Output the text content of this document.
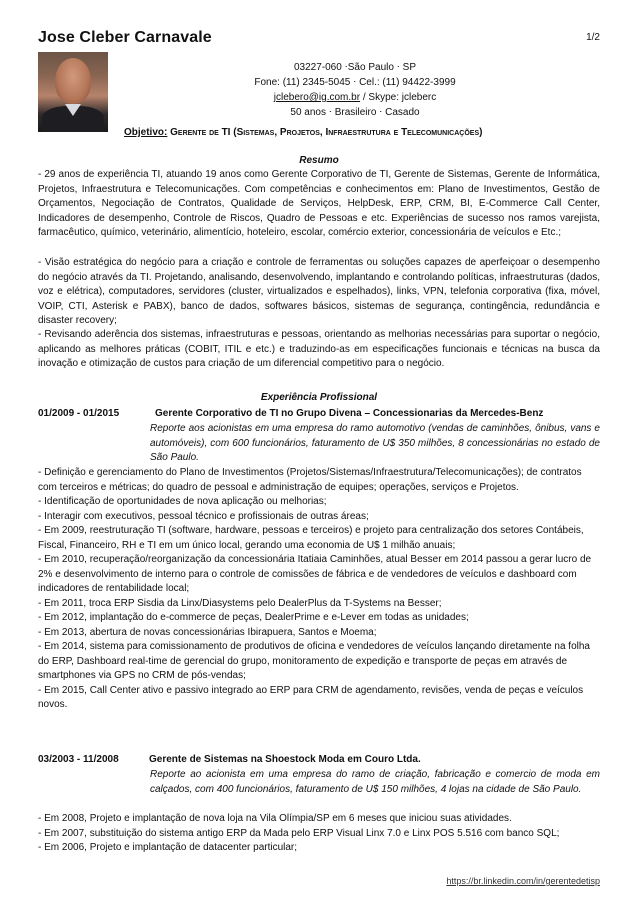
Jose Cleber Carnavale	1/2
03227-060 ⋅São Paulo ⋅ SP
Fone: (11) 2345-5045 ⋅ Cel.: (11) 94422-3999
jclebero@ig.com.br / Skype: jcleberc
50 anos ⋅ Brasileiro ⋅ Casado
Objetivo: Gerente de TI (Sistemas, Projetos, Infraestrutura e Telecomunicações)
Resumo
- 29 anos de experiência TI, atuando 19 anos como Gerente Corporativo de TI, Gerente de Sistemas, Gerente de Informática, Projetos, Infraestrutura e Telecomunicações. Com competências e conhecimentos em: Plano de Investimentos, Gestão de Orçamentos, Negociação de Contratos, Qualidade de Serviços, HelpDesk, ERP, CRM, BI, E-Commerce Call Center, Indicadores de desempenho, Controle de Riscos, Quadro de Pessoas e etc. Experiências de sucesso nos ramos varejista, farmacêutico, químico, veterinário, alimentício, hoteleiro, escolar, comércio exterior, concessionária de veículos e Etc.;
- Visão estratégica do negócio para a criação e controle de ferramentas ou soluções capazes de aperfeiçoar o desempenho do negócio através da TI. Projetando, analisando, desenvolvendo, implantando e controlando políticas, infraestruturas (dados, voz e elétrica), computadores, servidores (cluster, virtualizados e espelhados), links, VPN, telefonia corporativa (fixa, móvel, VOIP, CTI, Asterisk e PABX), banco de dados, softwares básicos, sistemas de segurança, contingência, redundância e disaster recovery;
- Revisando aderência dos sistemas, infraestruturas e pessoas, orientando as melhorias necessárias para suportar o negócio, aplicando as melhores práticas (COBIT, ITIL e etc.) e traduzindo-as em especificações funcionais e técnicas na busca da inovação e otimização de custos para criação de um diferencial competitivo para o negócio.
Experiência Profissional
01/2009 - 01/2015	Gerente Corporativo de TI no Grupo Divena – Concessionarias da Mercedes-Benz
Reporte aos acionistas em uma empresa do ramo automotivo (vendas de caminhões, ônibus, vans e automóveis), com 600 funcionários, faturamento de U$ 350 milhões, 8 concessionárias no estado de São Paulo.
- Definição e gerenciamento do Plano de Investimentos (Projetos/Sistemas/Infraestrutura/Telecomunicações); de contratos com terceiros e métricas; do quadro de pessoal e administração de equipes; operações, serviços e Projetos.
- Identificação de oportunidades de nova aplicação ou melhorias;
- Interagir com executivos, pessoal técnico e profissionais de outras áreas;
- Em 2009, reestruturação TI (software, hardware, pessoas e terceiros) e projeto para centralização dos setores Contábeis, Fiscal, Financeiro, RH e TI em um único local, gerando uma economia de U$ 1 milhão anuais;
- Em 2010, recuperação/reorganização da concessionária Itatiaia Caminhões, atual Besser em 2014 passou a gerar lucro de 2% e desenvolvimento de interno para o controle de comissões de fábrica e de vendedores de veículos e dashboard com indicadores de rentabilidade local;
- Em 2011, troca ERP Sisdia da Linx/Diasystems pelo DealerPlus da T-Systems na Besser;
- Em 2012, implantação do e-commerce de peças, DealerPrime e e-Lever em todas as unidades;
- Em 2013, abertura de novas concessionárias Ibirapuera, Santos e Moema;
- Em 2014, sistema para comissionamento de produtivos de oficina e vendedores de veículos lançando diretamente na folha do ERP, Dashboard real-time de gerencial do grupo, monitoramento de expedição e transporte de peças em através de smartphones via GPS no CRM de pós-vendas;
- Em 2015, Call Center ativo e passivo integrado ao ERP para CRM de agendamento, revisões, venda de peças e veículos novos.
03/2003 - 11/2008	Gerente de Sistemas na Shoestock Moda em Couro Ltda.
Reporte ao acionista em uma empresa do ramo de criação, fabricação e comercio de moda em calçados, com 400 funcionários, faturamento de U$ 150 milhões, 4 lojas na cidade de São Paulo.
- Em 2008, Projeto e implantação de nova loja na Vila Olímpia/SP em 6 meses que iniciou suas atividades.
- Em 2007, substituição do sistema antigo ERP da Mada pelo ERP Visual Linx 7.0 e Linx POS 5.516 com banco SQL;
- Em 2006, Projeto e implantação de datacenter particular;
https://br.linkedin.com/in/gerentedetisp
